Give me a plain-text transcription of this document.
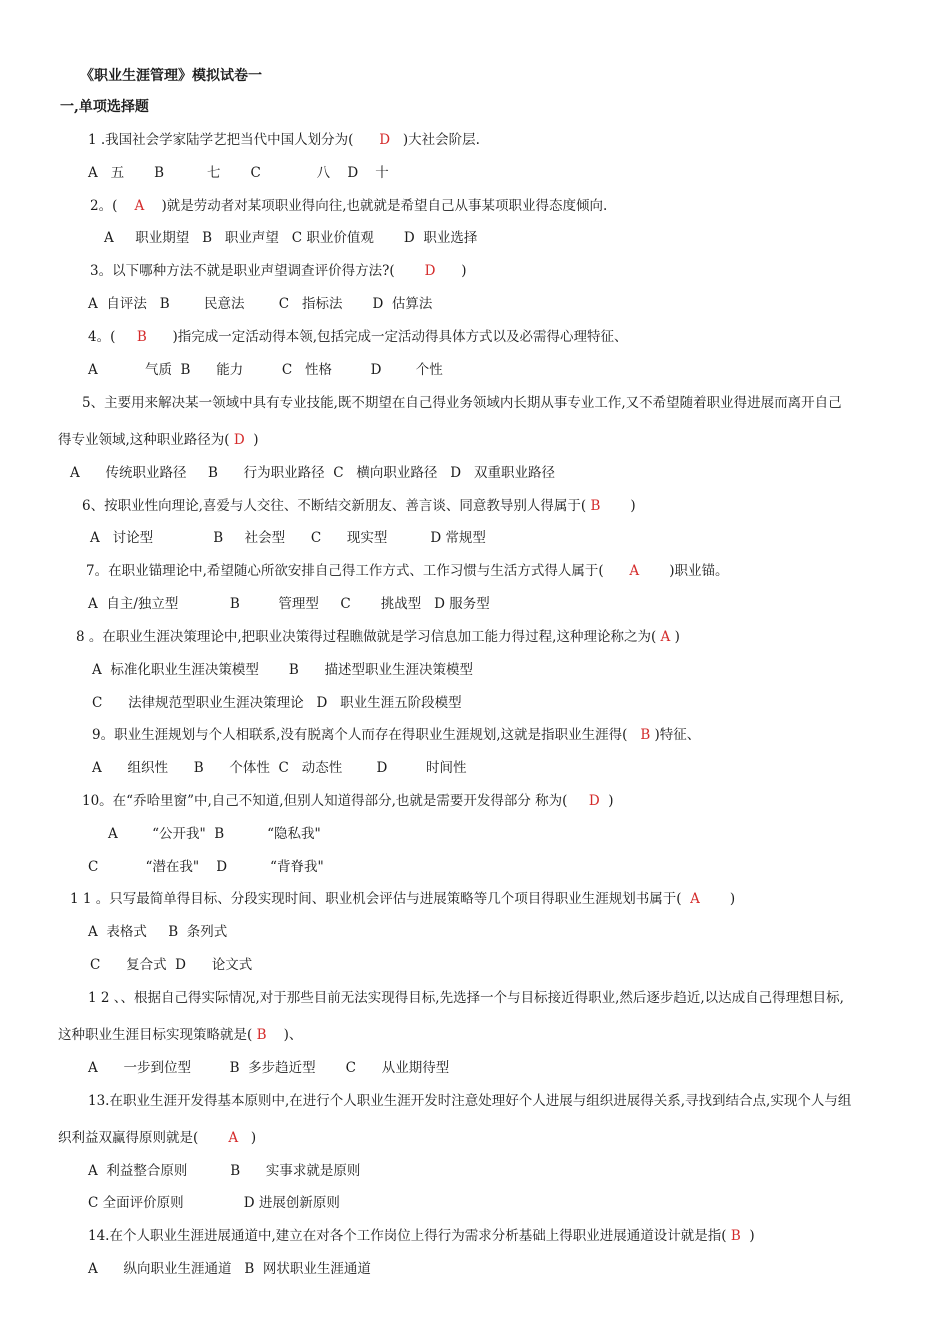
《职业生涯管理》模拟试卷一
一,单项选择题
1 .我国社会学家陆学艺把当代中国人划分为(      D   )大社会阶层.
A   五       B          七       C             八    D    十
2。(    A    )就是劳动者对某项职业得向往,也就就是希望自己从事某项职业得态度倾向.
A     职业期望   B   职业声望   C 职业价值观       D  职业选择
3。以下哪种方法不就是职业声望调查评价得方法?(       D      )
A  自评法   B        民意法        C   指标法       D  估算法
4。(     B      )指完成一定活动得本领,包括完成一定活动得具体方式以及必需得心理特征、
A           气质  B      能力         C   性格         D        个性
5、主要用来解决某一领域中具有专业技能,既不期望在自己得业务领域内长期从事专业工作,又不希望随着职业得进展而离开自己
得专业领域,这种职业路径为( D  )
A      传统职业路径     B      行为职业路径  C   横向职业路径   D   双重职业路径
6、按职业性向理论,喜爱与人交往、不断结交新朋友、善言谈、同意教导别人得属于( B       )
A   讨论型              B     社会型      C      现实型          D 常规型
7。在职业锚理论中,希望随心所欲安排自己得工作方式、工作习惯与生活方式得人属于(      A       )职业锚。
A  自主/独立型            B         管理型     C       挑战型   D 服务型
8 。在职业生涯决策理论中,把职业决策得过程瞧做就是学习信息加工能力得过程,这种理论称之为( A )
A  标准化职业生涯决策模型       B      描述型职业生涯决策模型
C      法律规范型职业生涯决策理论   D   职业生涯五阶段模型
9。职业生涯规划与个人相联系,没有脱离个人而存在得职业生涯规划,这就是指职业生涯得(   B )特征、
A      组织性      B      个体性  C   动态性        D         时间性
10。在“乔哈里窗”中,自己不知道,但别人知道得部分,也就是需要开发得部分 称为(     D  )
A        “公开我"  B          “隐私我"
C           “潜在我"    D          “背脊我"
1 1 。只写最简单得目标、分段实现时间、职业机会评估与进展策略等几个项目得职业生涯规划书属于(  A       )
A  表格式     B  条列式
C      复合式  D      论文式
1 2 、、根据自己得实际情况,对于那些目前无法实现得目标,先选择一个与目标接近得职业,然后逐步趋近,以达成自己得理想目标,
这种职业生涯目标实现策略就是( B    )、
A      一步到位型         B  多步趋近型       C      从业期待型
13.在职业生涯开发得基本原则中,在进行个人职业生涯开发时注意处理好个人进展与组织进展得关系,寻找到结合点,实现个人与组
织利益双赢得原则就是(       A   )
A  利益整合原则          B      实事求就是原则
C 全面评价原则              D 进展创新原则
14.在个人职业生涯进展通道中,建立在对各个工作岗位上得行为需求分析基础上得职业进展通道设计就是指( B  )
A      纵向职业生涯通道   B  网状职业生涯通道
